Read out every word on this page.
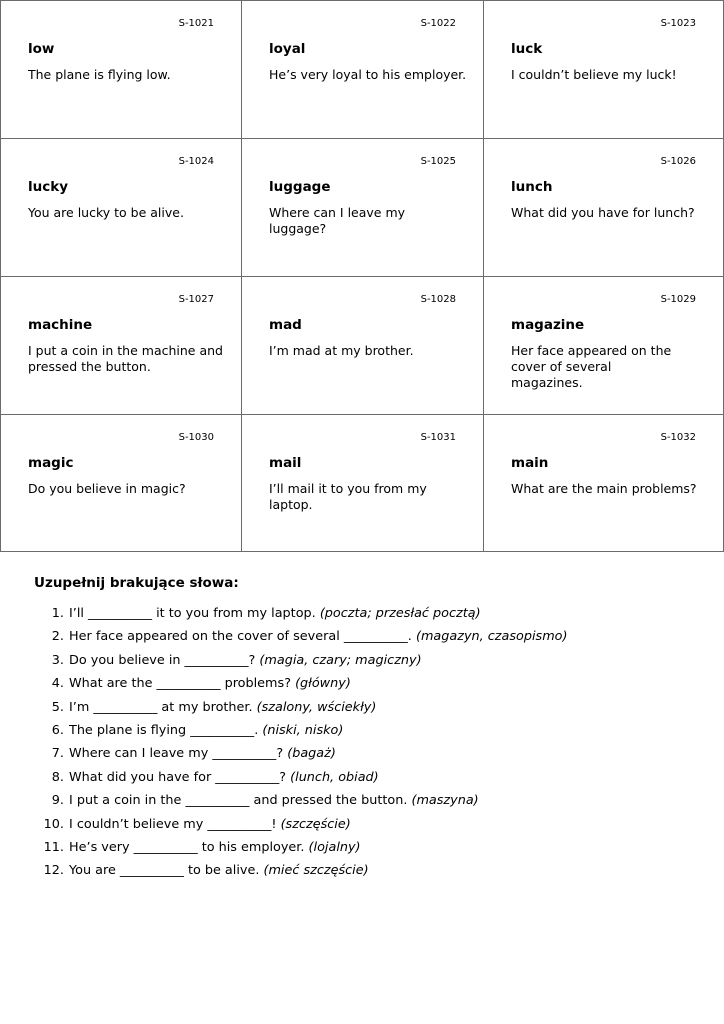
S-1021
low
The plane is flying low.
S-1022
loyal
He’s very loyal to his employer.
S-1023
luck
I couldn’t believe my luck!
S-1024
lucky
You are lucky to be alive.
S-1025
luggage
Where can I leave my luggage?
S-1026
lunch
What did you have for lunch?
S-1027
machine
I put a coin in the machine and pressed the button.
S-1028
mad
I’m mad at my brother.
S-1029
magazine
Her face appeared on the cover of several magazines.
S-1030
magic
Do you believe in magic?
S-1031
mail
I’ll mail it to you from my laptop.
S-1032
main
What are the main problems?
Uzupełnij brakujące słowa:
1. I’ll __________ it to you from my laptop. (poczta; przesłać pocztą)
2. Her face appeared on the cover of several __________. (magazyn, czasopismo)
3. Do you believe in __________? (magia, czary; magiczny)
4. What are the __________ problems? (główny)
5. I’m __________ at my brother. (szalony, wściekły)
6. The plane is flying __________. (niski, nisko)
7. Where can I leave my __________? (bagaż)
8. What did you have for __________? (lunch, obiad)
9. I put a coin in the __________ and pressed the button. (maszyna)
10. I couldn’t believe my __________! (szczęście)
11. He’s very __________ to his employer. (lojalny)
12. You are __________ to be alive. (mieć szczęście)
